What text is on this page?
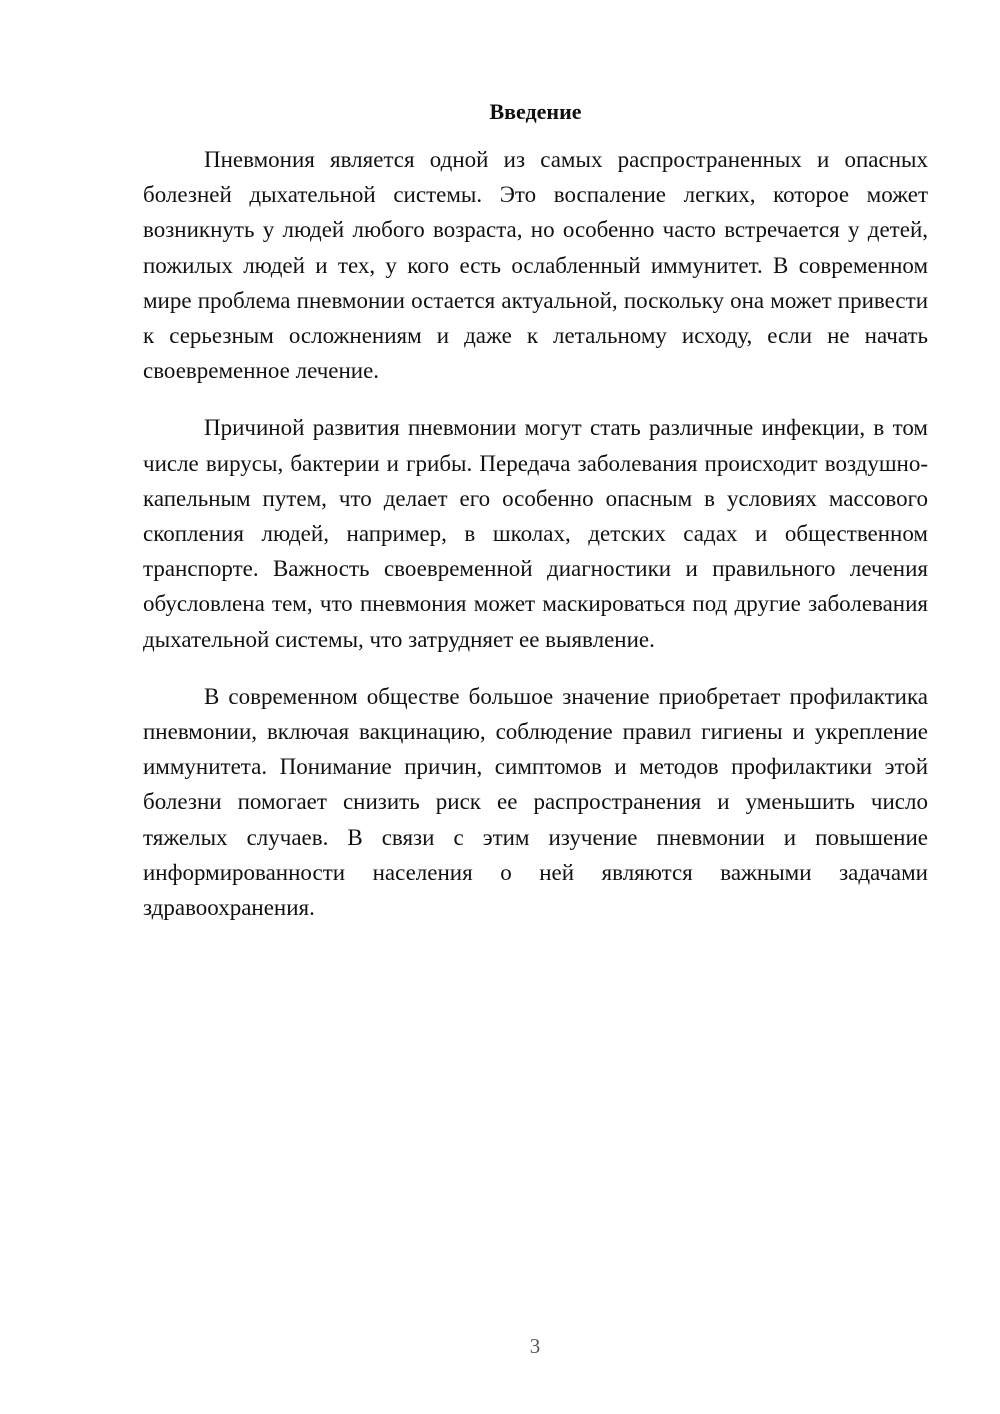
Введение

Пневмония является одной из самых распространенных и опасных болезней дыхательной системы. Это воспаление легких, которое может возникнуть у людей любого возраста, но особенно часто встречается у детей, пожилых людей и тех, у кого есть ослабленный иммунитет. В современном мире проблема пневмонии остается актуальной, поскольку она может привести к серьезным осложнениям и даже к летальному исходу, если не начать своевременное лечение.

Причиной развития пневмонии могут стать различные инфекции, в том числе вирусы, бактерии и грибы. Передача заболевания происходит воздушно-капельным путем, что делает его особенно опасным в условиях массового скопления людей, например, в школах, детских садах и общественном транспорте. Важность своевременной диагностики и правильного лечения обусловлена тем, что пневмония может маскироваться под другие заболевания дыхательной системы, что затрудняет ее выявление.

В современном обществе большое значение приобретает профилактика пневмонии, включая вакцинацию, соблюдение правил гигиены и укрепление иммунитета. Понимание причин, симптомов и методов профилактики этой болезни помогает снизить риск ее распространения и уменьшить число тяжелых случаев. В связи с этим изучение пневмонии и повышение информированности населения о ней являются важными задачами здравоохранения.

3
